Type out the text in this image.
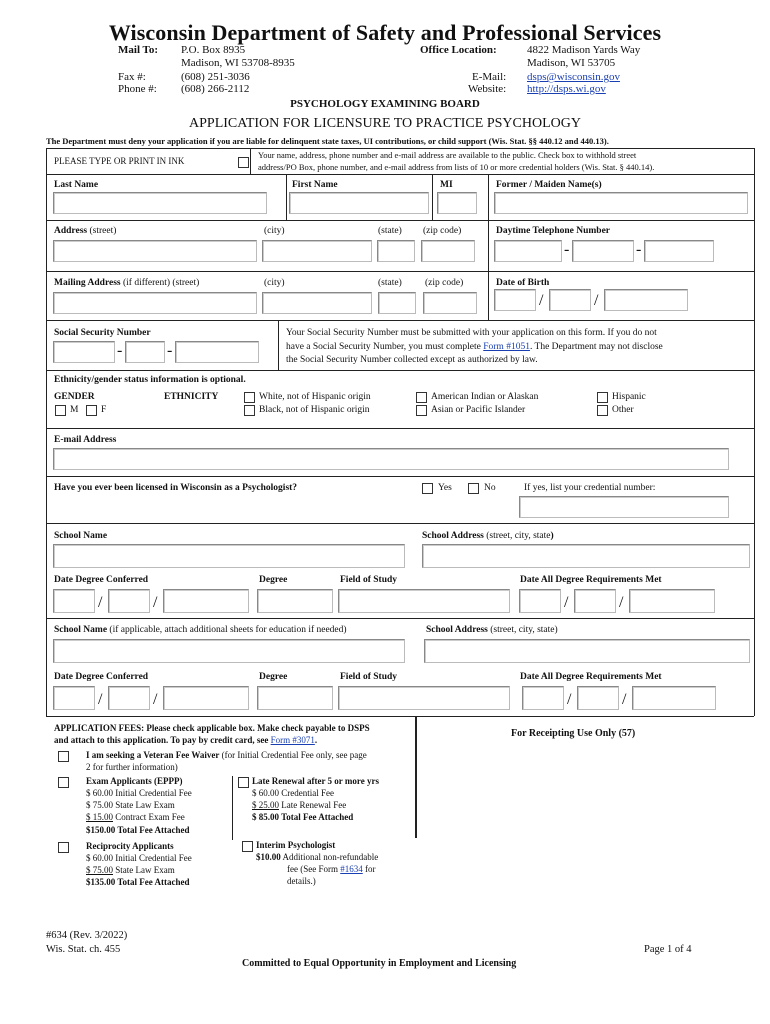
Wisconsin Department of Safety and Professional Services
Mail To: P.O. Box 8935
Madison, WI 53708-8935
Fax #:	(608) 251-3036
Phone #: (608) 266-2112
Office Location:	4822 Madison Yards Way
Madison, WI 53705
E-Mail: dsps@wisconsin.gov
Website: http://dsps.wi.gov
PSYCHOLOGY EXAMINING BOARD
APPLICATION FOR LICENSURE TO PRACTICE PSYCHOLOGY
The Department must deny your application if you are liable for delinquent state taxes, UI contributions, or child support (Wis. Stat. §§ 440.12 and 440.13).
PLEASE TYPE OR PRINT IN INK
Your name, address, phone number and e-mail address are available to the public. Check box to withhold street
address/PO Box, phone number, and e-mail address from lists of 10 or more credential holders (Wis. Stat. § 440.14).
Last Name	First Name	MI	Former / Maiden Name(s)
Address (street)	(city)	(state) (zip code)	Daytime Telephone Number
-	-
Mailing Address (if different) (street)	(city)	(state) (zip code)	Date of Birth
/	/
Social Security Number
-	-
Your Social Security Number must be submitted with your application on this form. If you do not
have a Social Security Number, you must complete Form #1051. The Department may not disclose
the Social Security Number collected except as authorized by law.
Ethnicity/gender status information is optional.
GENDER
M F
ETHNICITY	White, not of Hispanic origin
Black, not of Hispanic origin
American Indian or Alaskan
Asian or Pacific Islander
Hispanic
Other
E-mail Address
Have you ever been licensed in Wisconsin as a Psychologist?	Yes	No	If yes, list your credential number:
School Name	School Address (street, city, state)
Date Degree Conferred	Degree	Field of Study	Date All Degree Requirements Met
/	/	/	/
School Name (if applicable, attach additional sheets for education if needed)	School Address (street, city, state)
Date Degree Conferred	Degree	Field of Study	Date All Degree Requirements Met
/	/	/	/
APPLICATION FEES: Please check applicable box. Make check payable to DSPS
and attach to this application. To pay by credit card, see Form #3071.
I am seeking a Veteran Fee Waiver (for Initial Credential Fee only, see page
2 for further information)
Exam Applicants (EPPP)
$ 60.00 Initial Credential Fee
$ 75.00 State Law Exam
$ 15.00 Contract Exam Fee
$150.00 Total Fee Attached
Reciprocity Applicants
$ 60.00 Initial Credential Fee
$ 75.00 State Law Exam
$135.00 Total Fee Attached
Late Renewal after 5 or more yrs
$ 60.00 Credential Fee
$ 25.00 Late Renewal Fee
$ 85.00 Total Fee Attached
Interim Psychologist
$10.00 Additional non-refundable
fee (See Form #1634 for
details.)
For Receipting Use Only (57)
#634 (Rev. 3/2022)
Wis. Stat. ch. 455	Page 1 of 4
Committed to Equal Opportunity in Employment and Licensing
